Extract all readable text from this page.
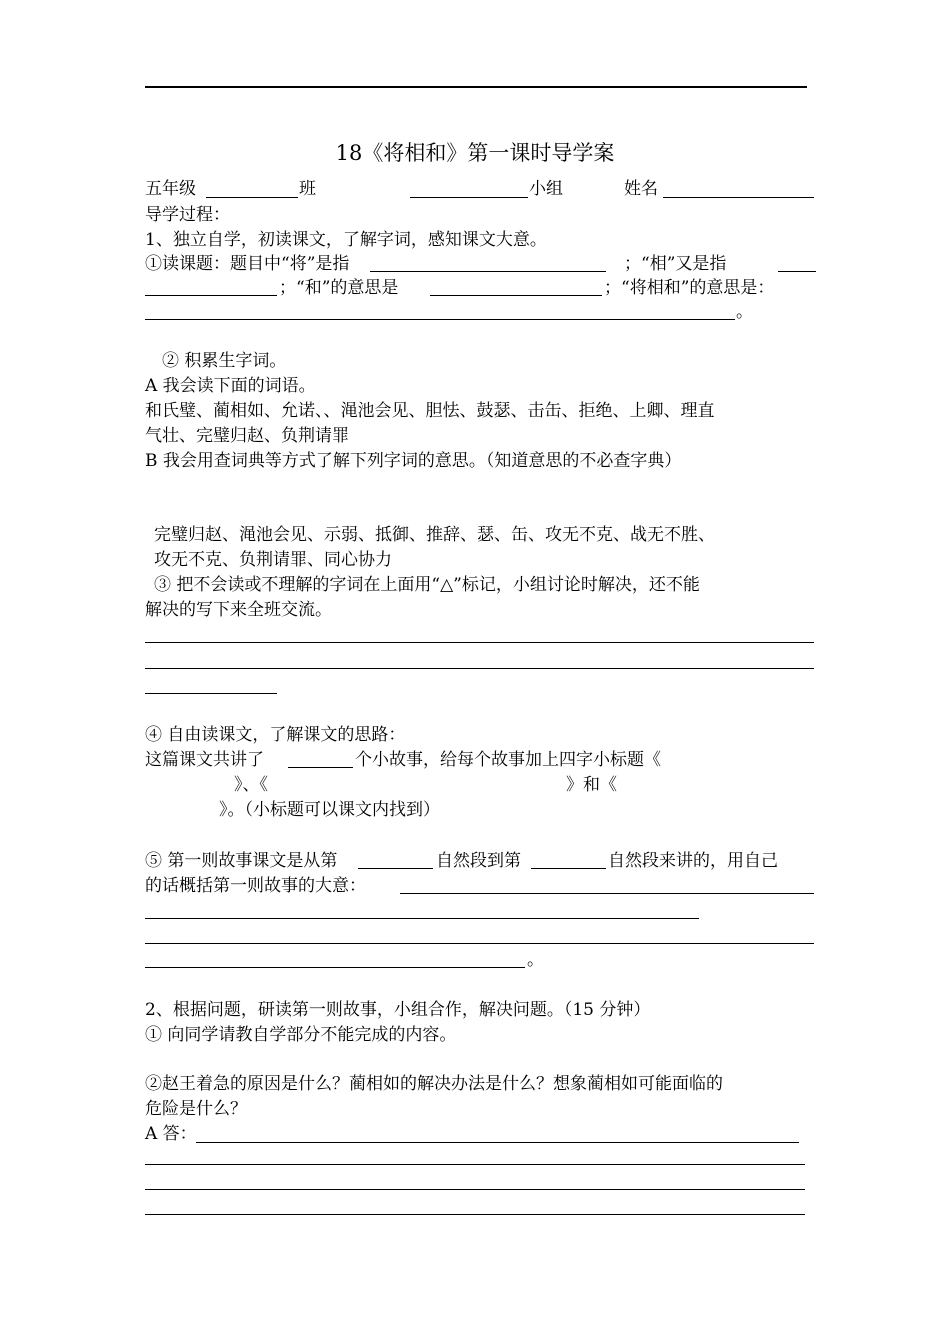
18《将相和》第一课时导学案
五年级	班	小组	姓名
导学过程：
1、独立自学，初读课文，了解字词，感知课文大意。
①读课题：题目中“将”是指	；“相”又是指
；“和”的意思是	；“将相和”的意思是：
。
② 积累生字词。
A 我会读下面的词语。
和氏璧、蔺相如、允诺、、渑池会见、胆怯、鼓瑟、击缶、拒绝、上卿、理直
气壮、完璧归赵、负荆请罪
B 我会用查词典等方式了解下列字词的意思。（知道意思的不必查字典）
完璧归赵、渑池会见、示弱、抵御、推辞、瑟、缶、攻无不克、战无不胜、
攻无不克、负荆请罪、同心协力
③ 把不会读或不理解的字词在上面用“△”标记，小组讨论时解决，还不能
解决的写下来全班交流。
④ 自由读课文，了解课文的思路：
这篇课文共讲了	个小故事，给每个故事加上四字小标题《
》、《	》和《
》。（小标题可以课文内找到）
⑤ 第一则故事课文是从第	自然段到第	自然段来讲的，用自己
的话概括第一则故事的大意：
。
2、根据问题，研读第一则故事，小组合作，解决问题。（15 分钟）
① 向同学请教自学部分不能完成的内容。
②赵王着急的原因是什么？蔺相如的解决办法是什么？想象蔺相如可能面临的
危险是什么？
A 答：
